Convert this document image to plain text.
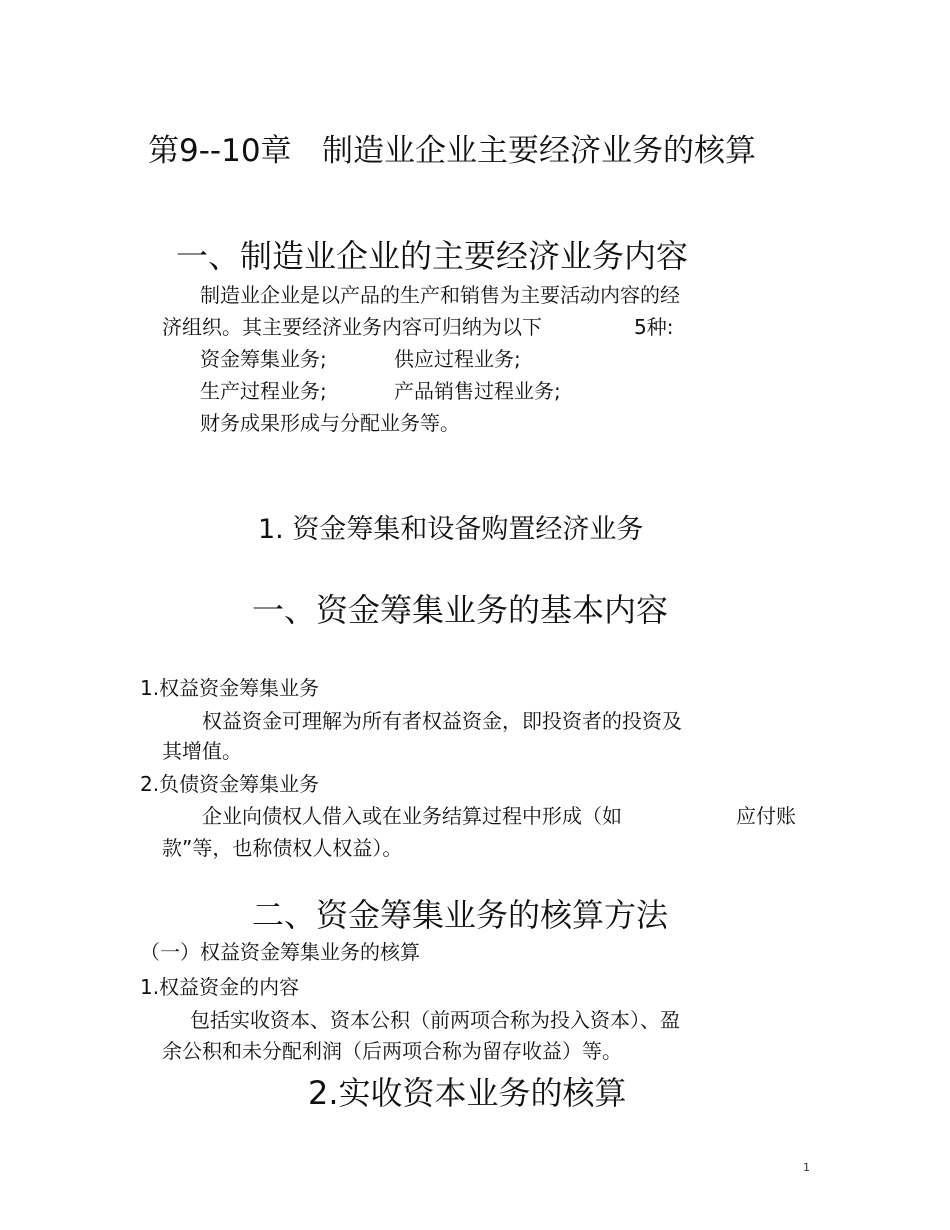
第9--10章 制造业企业主要经济业务的核算
一、制造业企业的主要经济业务内容

制造业企业是以产品的生产和销售为主要活动内容的经

济组织。其主要经济业务内容可归纳为以下	5种:

资金筹集业务;	供应过程业务;

生产过程业务;	产品销售过程业务;

财务成果形成与分配业务等。

1. 资金筹集和设备购置经济业务
一、资金筹集业务的基本内容

1.权益资金筹集业务

权益资金可理解为所有者权益资金，即投资者的投资及

其增值。

2.负债资金筹集业务

企业向债权人借入或在业务结算过程中形成（如	应付账

款”等，也称债权人权益）。

二、资金筹集业务的核算方法

（一）权益资金筹集业务的核算

1.权益资金的内容

包括实收资本、资本公积（前两项合称为投入资本）、盈

余公积和未分配利润（后两项合称为留存收益）等。

2.实收资本业务的核算
1
